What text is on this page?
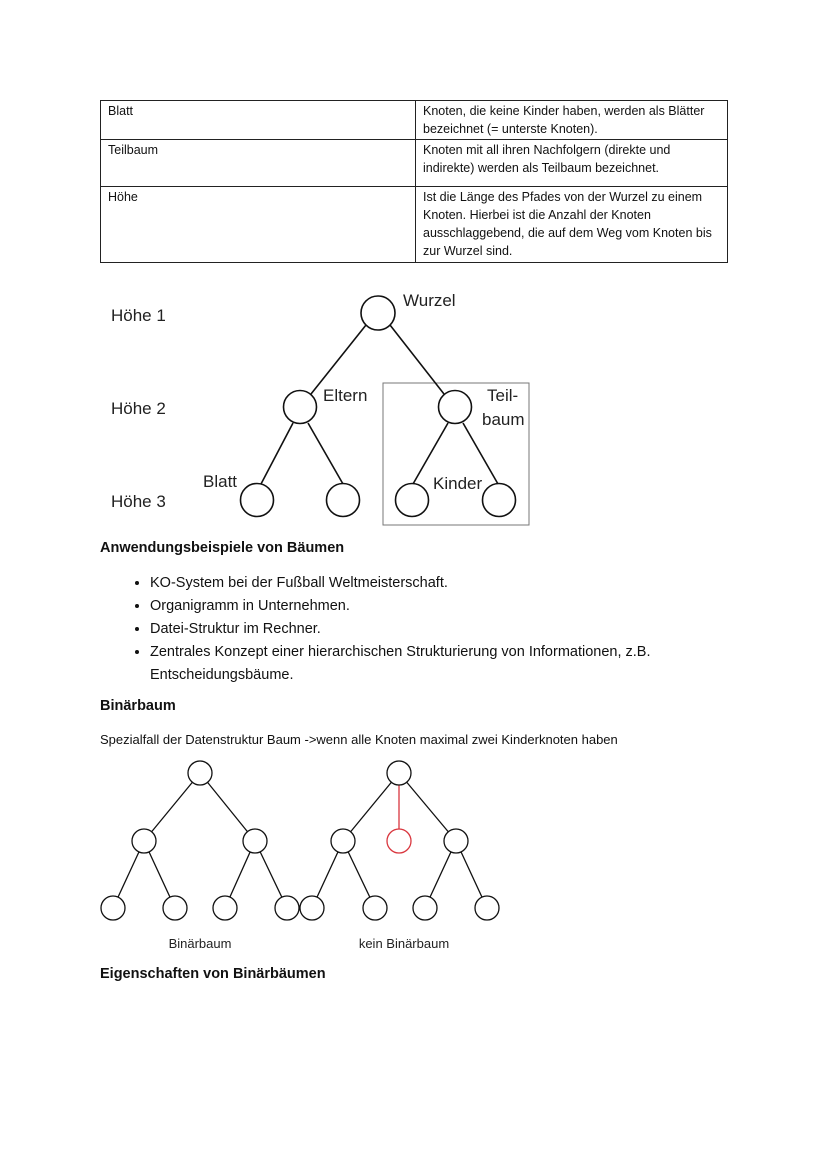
Blatt	Knoten, die keine Kinder haben, werden als Blätter bezeichnet (= unterste Knoten).
Teilbaum	Knoten mit all ihren Nachfolgern (direkte und indirekte) werden als Teilbaum bezeichnet.
Höhe	Ist die Länge des Pfades von der Wurzel zu einem Knoten. Hierbei ist die Anzahl der Knoten ausschlaggebend, die auf dem Weg vom Knoten bis zur Wurzel sind.
Höhe 1
Höhe 2
Höhe 3
Wurzel
Eltern	Teil-
baum
Blatt	Kinder
Binärbaum	kein Binärbaum
Anwendungsbeispiele von Bäumen
• KO-System bei der Fußball Weltmeisterschaft.
• Organigramm in Unternehmen.
• Datei-Struktur im Rechner.
• Zentrales Konzept einer hierarchischen Strukturierung von Informationen, z.B. Entscheidungsbäume.
Binärbaum
Spezialfall der Datenstruktur Baum ->wenn alle Knoten maximal zwei Kinderknoten haben
Eigenschaften von Binärbäumen
